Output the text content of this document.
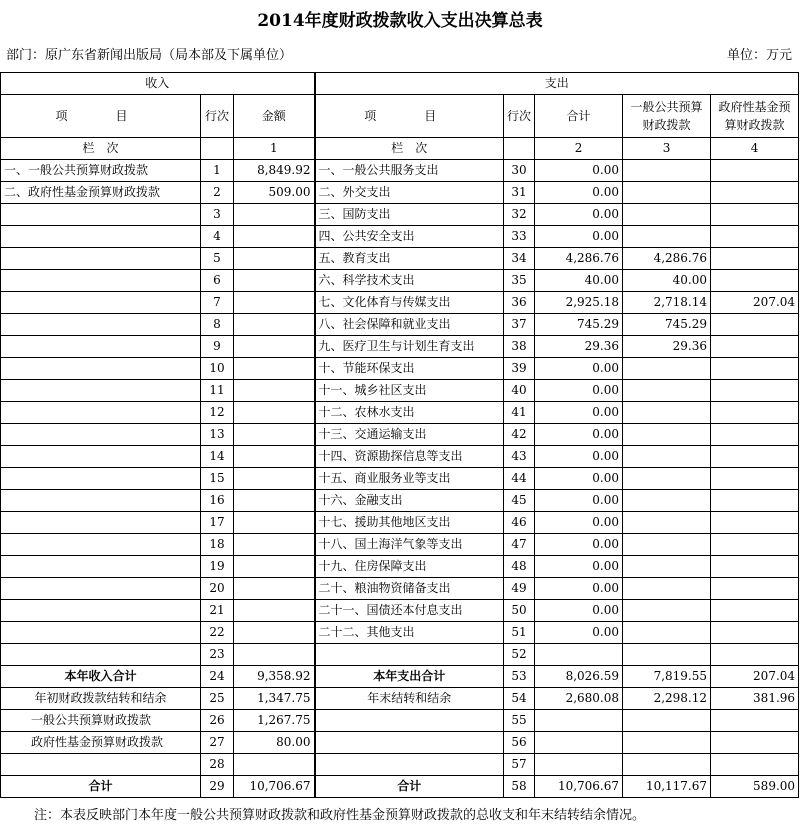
2014年度财政拨款收入支出决算总表
部门：原广东省新闻出版局（局本部及下属单位）	单位：万元
收入			支出				
项　目	行次	金额	项　目	行次	合计	一般公共预算财政拨款	政府性基金预算财政拨款
栏　次		1	栏　次		2	3	4
一、一般公共预算财政拨款	1	8,849.92	一、一般公共服务支出	30	0.00		
二、政府性基金预算财政拨款	2	509.00	二、外交支出	31	0.00		
	3		三、国防支出	32	0.00		
	4		四、公共安全支出	33	0.00		
	5		五、教育支出	34	4,286.76	4,286.76	
	6		六、科学技术支出	35	40.00	40.00	
	7		七、文化体育与传媒支出	36	2,925.18	2,718.14	207.04
	8		八、社会保障和就业支出	37	745.29	745.29	
	9		九、医疗卫生与计划生育支出	38	29.36	29.36	
	10		十、节能环保支出	39	0.00		
	11		十一、城乡社区支出	40	0.00		
	12		十二、农林水支出	41	0.00		
	13		十三、交通运输支出	42	0.00		
	14		十四、资源勘探信息等支出	43	0.00		
	15		十五、商业服务业等支出	44	0.00		
	16		十六、金融支出	45	0.00		
	17		十七、援助其他地区支出	46	0.00		
	18		十八、国土海洋气象等支出	47	0.00		
	19		十九、住房保障支出	48	0.00		
	20		二十、粮油物资储备支出	49	0.00		
	21		二十一、国债还本付息支出	50	0.00		
	22		二十二、其他支出	51	0.00		
	23			52			
本年收入合计	24	9,358.92	本年支出合计	53	8,026.59	7,819.55	207.04
年初财政拨款结转和结余	25	1,347.75	年末结转和结余	54	2,680.08	2,298.12	381.96
一般公共预算财政拨款	26	1,267.75		55			
政府性基金预算财政拨款	27	80.00		56			
	28			57			
合计	29	10,706.67	合计	58	10,706.67	10,117.67	589.00
注：本表反映部门本年度一般公共预算财政拨款和政府性基金预算财政拨款的总收支和年末结转结余情况。
